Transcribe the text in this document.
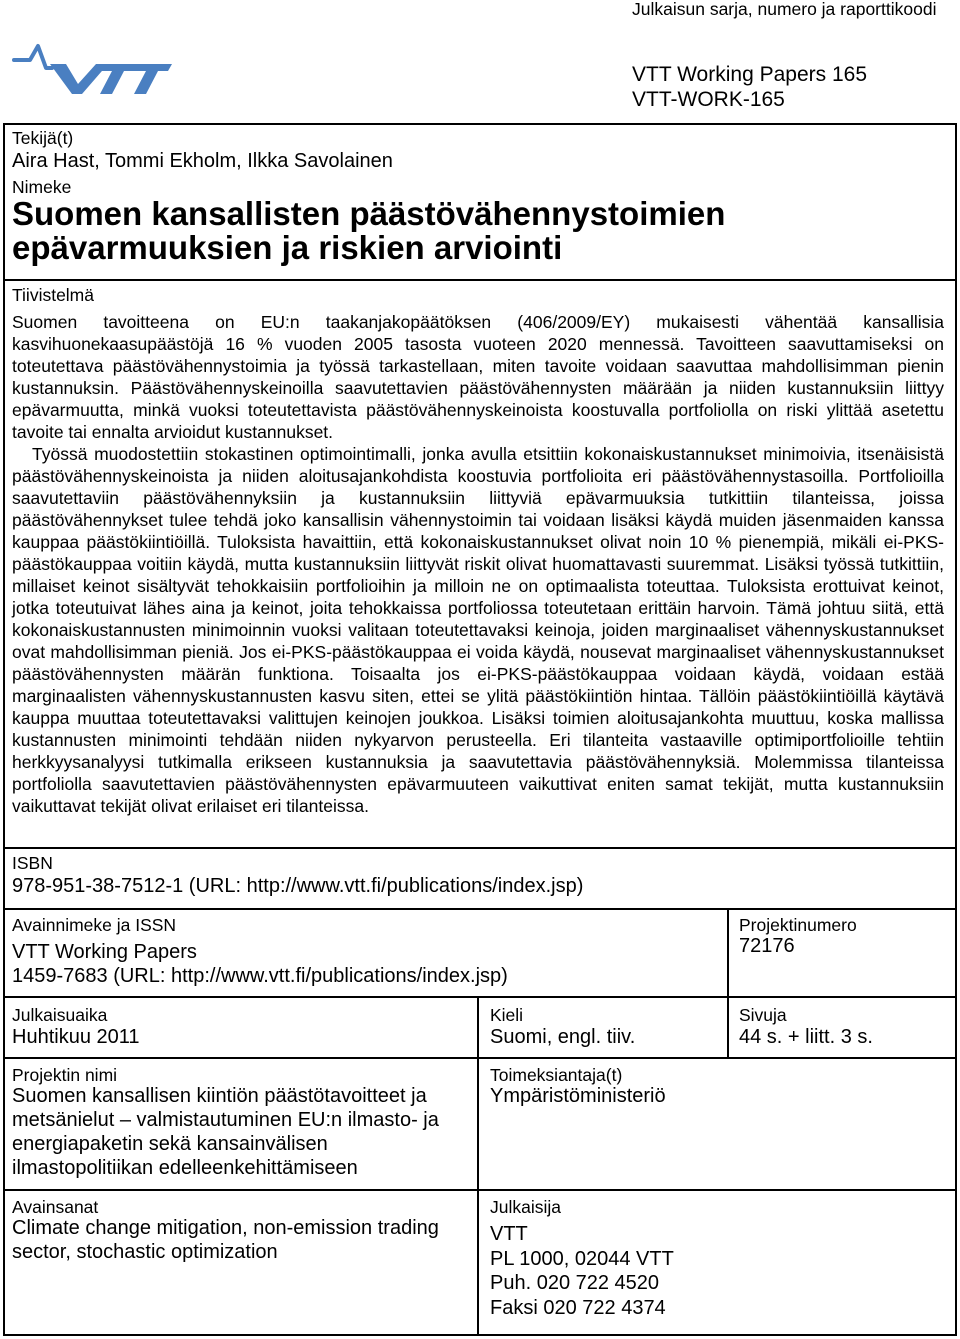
Julkaisun sarja, numero ja raporttikoodi
VTT Working Papers 165
VTT-WORK-165
Tekijä(t)
Aira Hast, Tommi Ekholm, Ilkka Savolainen
Nimeke
Suomen kansallisten päästövähennystoimien
epävarmuuksien ja riskien arviointi
Tiivistelmä

Suomen tavoitteena on EU:n taakanjakopäätöksen (406/2009/EY) mukaisesti vähentää kansallisia kasvihuonekaasupäästöjä 16 % vuoden 2005 tasosta vuoteen 2020 mennessä. Tavoitteen saavuttamiseksi on toteutettava päästövähennystoimia ja työssä tarkastellaan, miten tavoite voidaan saavuttaa mahdollisimman pienin kustannuksin. Päästövähennyskeinoilla saavutettavien päästövähennysten määrään ja niiden kustannuksiin liittyy epävarmuutta, minkä vuoksi toteutettavista päästövähennyskeinoista koostuvalla portfoliolla on riski ylittää asetettu tavoite tai ennalta arvioidut kustannukset.

Työssä muodostettiin stokastinen optimointimalli, jonka avulla etsittiin kokonaiskustannukset minimoivia, itsenäisistä päästövähennyskeinoista ja niiden aloitusajankohdista koostuvia portfolioita eri päästövähennystasoilla. Portfolioilla saavutettaviin päästövähennyksiin ja kustannuksiin liittyviä epävarmuuksia tutkittiin tilanteissa, joissa päästövähennykset tulee tehdä joko kansallisin vähennystoimin tai voidaan lisäksi käydä muiden jäsenmaiden kanssa kauppaa päästökiintiöillä. Tuloksista havaittiin, että kokonaiskustannukset olivat noin 10 % pienempiä, mikäli ei-PKS-päästökauppaa voitiin käydä, mutta kustannuksiin liittyvät riskit olivat huomattavasti suuremmat. Lisäksi työssä tutkittiin, millaiset keinot sisältyvät tehokkaisiin portfolioihin ja milloin ne on optimaalista toteuttaa. Tuloksista erottuivat keinot, jotka toteutuivat lähes aina ja keinot, joita tehokkaissa portfoliossa toteutetaan erittäin harvoin. Tämä johtuu siitä, että kokonaiskustannusten minimoinnin vuoksi valitaan toteutettavaksi keinoja, joiden marginaaliset vähennyskustannukset ovat mahdollisimman pieniä. Jos ei-PKS-päästökauppaa ei voida käydä, nousevat marginaaliset vähennyskustannukset päästövähennysten määrän funktiona. Toisaalta jos ei-PKS-päästökauppaa voidaan käydä, voidaan estää marginaalisten vähennyskustannusten kasvu siten, ettei se ylitä päästökiintiön hintaa. Tällöin päästökiintiöillä käytävä kauppa muuttaa toteutettavaksi valittujen keinojen joukkoa. Lisäksi toimien aloitusajankohta muuttuu, koska mallissa kustannusten minimointi tehdään niiden nykyarvon perusteella. Eri tilanteita vastaaville optimiportfolioille tehtiin herkkyysanalyysi tutkimalla erikseen kustannuksia ja saavutettavia päästövähennyksiä. Molemmissa tilanteissa portfoliolla saavutettavien päästövähennysten epävarmuuteen vaikuttivat eniten samat tekijät, mutta kustannuksiin vaikuttavat tekijät olivat erilaiset eri tilanteissa.

ISBN
978-951-38-7512-1 (URL: http://www.vtt.fi/publications/index.jsp)
Avainnimeke ja ISSN
VTT Working Papers
1459-7683 (URL: http://www.vtt.fi/publications/index.jsp)
Projektinumero
72176
Julkaisuaika
Huhtikuu 2011
Kieli
Suomi, engl. tiiv.
Sivuja
44 s. + liitt. 3 s.
Projektin nimi
Suomen kansallisen kiintiön päästötavoitteet ja metsänielut – valmistautuminen EU:n ilmasto- ja energiapaketin sekä kansainvälisen ilmastopolitiikan edelleenkehittämiseen
Toimeksiantaja(t)
Ympäristöministeriö
Avainsanat
Climate change mitigation, non-emission trading sector, stochastic optimization
Julkaisija
VTT
PL 1000, 02044 VTT
Puh. 020 722 4520
Faksi 020 722 4374
